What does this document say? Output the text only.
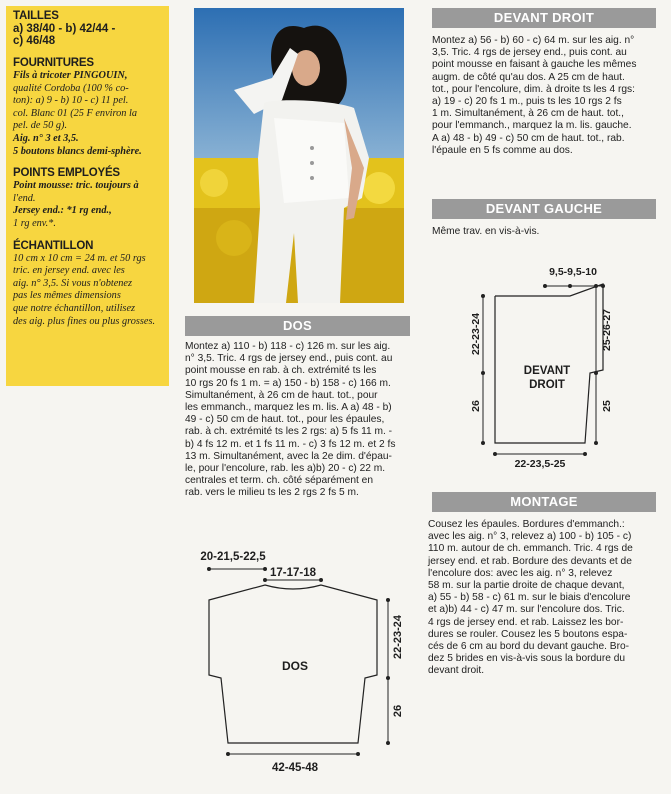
TAILLES
a) 38/40 - b) 42/44 -
c) 46/48
FOURNITURES

Fils à tricoter PINGOUIN,

qualité Cordoba (100 % co-

ton): a) 9 - b) 10 - c) 11 pel.

col. Blanc 01 (25 F environ la

pel. de 50 g).

Aig. n° 3 et 3,5.

5 boutons blancs demi-sphère.

POINTS EMPLOYÉS

Point mousse: tric. toujours à

l'end.

Jersey end.: *1 rg end.,

1 rg env.*.

ÉCHANTILLON

10 cm x 10 cm = 24 m. et 50 rgs

tric. en jersey end. avec les

aig. n° 3,5. Si vous n'obtenez

pas les mêmes dimensions

que notre échantillon, utilisez

des aig. plus fines ou plus grosses.

DEVANT DROIT
Montez a) 56 - b) 60 - c) 64 m. sur les aig. n°
3,5. Tric. 4 rgs de jersey end., puis cont. au
point mousse en faisant à gauche les mêmes
augm. de côté qu'au dos. A 25 cm de haut.
tot., pour l'encolure, dim. à droite ts les 4 rgs:
a) 19 - c) 20 fs 1 m., puis ts les 10 rgs 2 fs
1 m. Simultanément, à 26 cm de haut. tot.,
pour l'emmanch., marquez la m. lis. gauche.
A a) 48 - b) 49 - c) 50 cm de haut. tot., rab.
l'épaule en 5 fs comme au dos.
DEVANT GAUCHE
Même trav. en vis-à-vis.
9,5-9,5-10
22-23-24
26
25-26-27
25
DEVANT
DROIT
22-23,5-25
MONTAGE
Cousez les épaules. Bordures d'emmanch.:
avec les aig. n° 3, relevez a) 100 - b) 105 - c)
110 m. autour de ch. emmanch. Tric. 4 rgs de
jersey end. et rab. Bordure des devants et de
l'encolure dos: avec les aig. n° 3, relevez
58 m. sur la partie droite de chaque devant,
a) 55 - b) 58 - c) 61 m. sur le biais d'encolure
et a)b) 44 - c) 47 m. sur l'encolure dos. Tric.
4 rgs de jersey end. et rab. Laissez les bor-
dures se rouler. Cousez les 5 boutons espa-
cés de 6 cm au bord du devant gauche. Bro-
dez 5 brides en vis-à-vis sous la bordure du
devant droit.
DOS
Montez a) 110 - b) 118 - c) 126 m. sur les aig.
n° 3,5. Tric. 4 rgs de jersey end., puis cont. au
point mousse en rab. à ch. extrémité ts les
10 rgs 20 fs 1 m. = a) 150 - b) 158 - c) 166 m.
Simultanément, à 26 cm de haut. tot., pour
les emmanch., marquez les m. lis. A a) 48 - b)
49 - c) 50 cm de haut. tot., pour les épaules,
rab. à ch. extrémité ts les 2 rgs: a) 5 fs 11 m. -
b) 4 fs 12 m. et 1 fs 11 m. - c) 3 fs 12 m. et 2 fs
13 m. Simultanément, avec la 2e dim. d'épau-
le, pour l'encolure, rab. les a)b) 20 - c) 22 m.
centrales et term. ch. côté séparément en
rab. vers le milieu ts les 2 rgs 2 fs 5 m.
20-21,5-22,5
17-17-18
22-23-24
26
DOS
42-45-48
